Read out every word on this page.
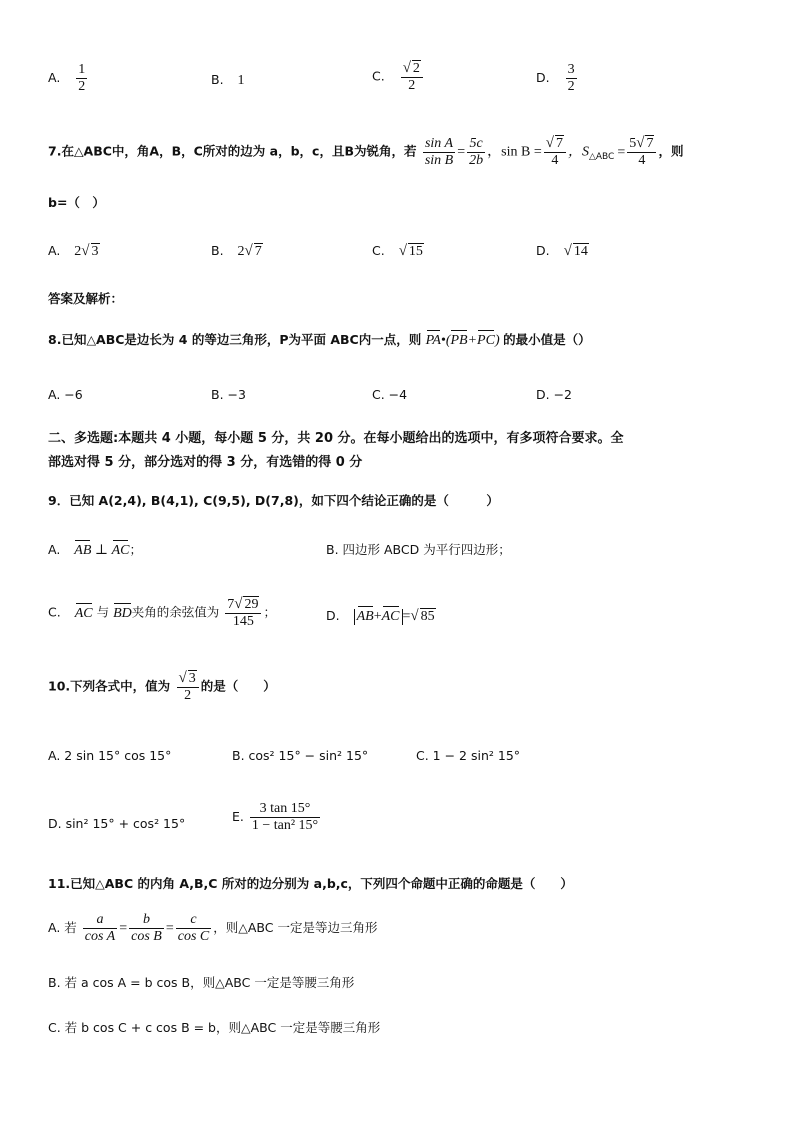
A. $\frac{1}{2}$	B. 1	C. $\frac{√ 2}{2}$	D. $\frac{3}{2}$
7.在△ABC中，角A，B，C所对的边为 a，b，c，且B为锐角，若 $\frac{\text{sin A}}{\text{sin B}} = \frac{5c}{2b}$ ，$\sin B = \frac{√ 7}{4}$ ，$S_{\triangle ABC} = \frac{5√ 7}{4}$ ，则
b=（　）
A. 2√ 3	B. 2√ 7	C. √ 15	D. √ 14
答案及解析：
8.已知△ABC是边长为 4 的等边三角形，P为平面 ABC内一点，则 PA•(PB+PC) 的最小值是（）
A. −6	B. −3	C. −4	D. −2
二、多选题:本题共 4 小题，每小题 5 分，共 20 分。在每小题给出的选项中，有多项符合要求。全
部选对得 5 分，部分选对的得 3 分，有选错的得 0 分
9．已知 A(2,4), B(4,1), C(9,5), D(7,8)，如下四个结论正确的是（　　　）
A. AB ⊥ AC；	B. 四边形 ABCD 为平行四边形；
C. AC 与 BD夹角的余弦值为 $\frac{7√ 29}{145}$ ；	D. AB+AC =√ 85
10.下列各式中，值为 $\frac{√ 3}{2}$ 的是（　　）
A. 2 sin 15° cos 15°	B. cos² 15° − sin² 15°	C. 1 − 2 sin² 15°
D. sin² 15° + cos² 15°	E. $\frac{3 \tan 15^\circ}{\text{1 − tan² 15°}}$
11.已知△ABC 的内角 A,B,C 所对的边分别为 a,b,c，下列四个命题中正确的命题是（　　）
A. 若 $\frac{a}{\text{cos A}} = \frac{b}{\text{cos B}} = \frac{c}{\text{cos C}}$ ，则△ABC 一定是等边三角形
B. 若 a cos A = b cos B，则△ABC 一定是等腰三角形
C. 若 b cos C + c cos B = b，则△ABC 一定是等腰三角形
